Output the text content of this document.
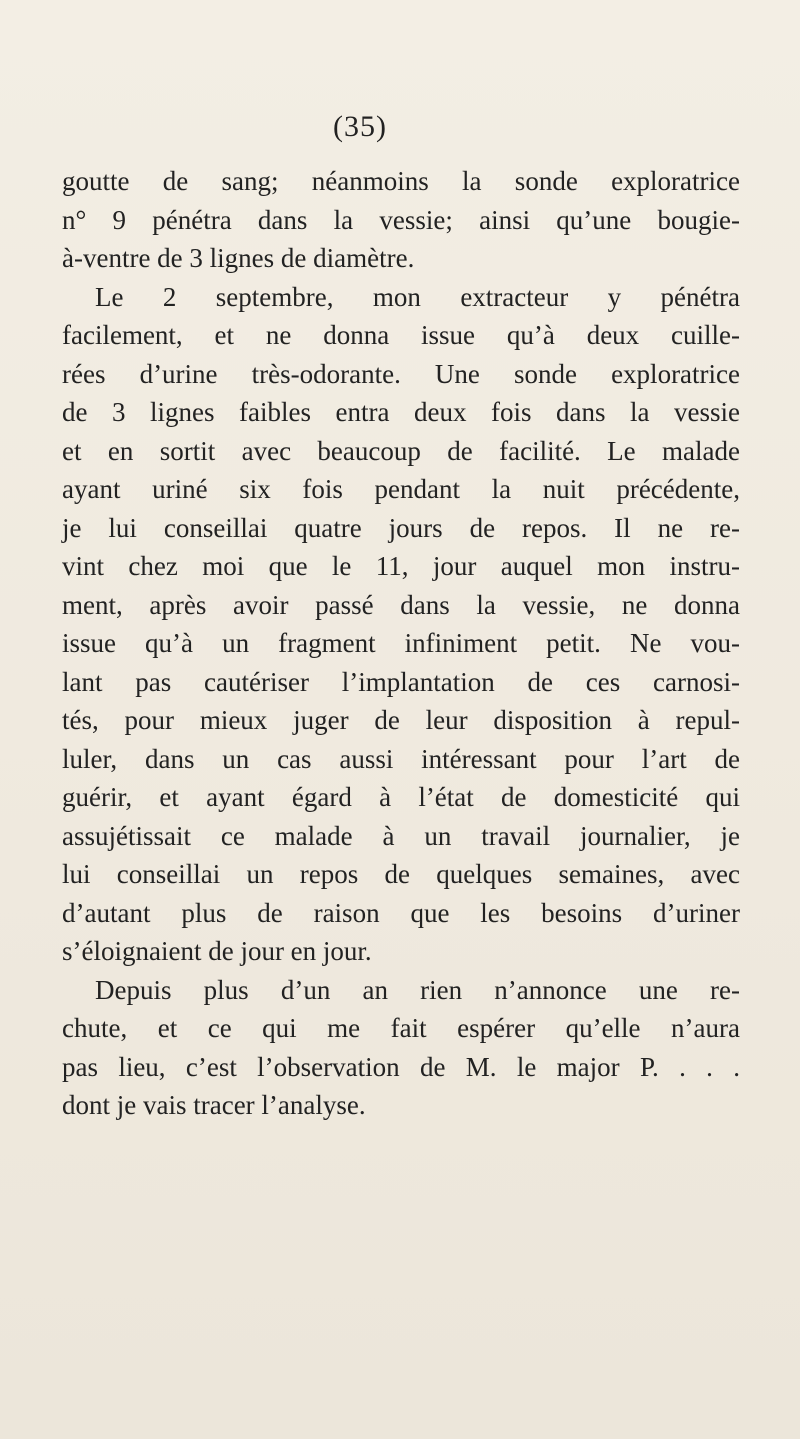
(35)
goutte de sang; néanmoins la sonde exploratrice
n° 9 pénétra dans la vessie; ainsi qu’une bougie-
à-ventre de 3 lignes de diamètre.
Le 2 septembre, mon extracteur y pénétra
facilement, et ne donna issue qu’à deux cuille-
rées d’urine très-odorante. Une sonde exploratrice
de 3 lignes faibles entra deux fois dans la vessie
et en sortit avec beaucoup de facilité. Le malade
ayant uriné six fois pendant la nuit précédente,
je lui conseillai quatre jours de repos. Il ne re-
vint chez moi que le 11, jour auquel mon instru-
ment, après avoir passé dans la vessie, ne donna
issue qu’à un fragment infiniment petit. Ne vou-
lant pas cautériser l’implantation de ces carnosi-
tés, pour mieux juger de leur disposition à repul-
luler, dans un cas aussi intéressant pour l’art de
guérir, et ayant égard à l’état de domesticité qui
assujétissait ce malade à un travail journalier, je
lui conseillai un repos de quelques semaines, avec
d’autant plus de raison que les besoins d’uriner
s’éloignaient de jour en jour.
Depuis plus d’un an rien n’annonce une re-
chute, et ce qui me fait espérer qu’elle n’aura
pas lieu, c’est l’observation de M. le major P. . . .
dont je vais tracer l’analyse.
